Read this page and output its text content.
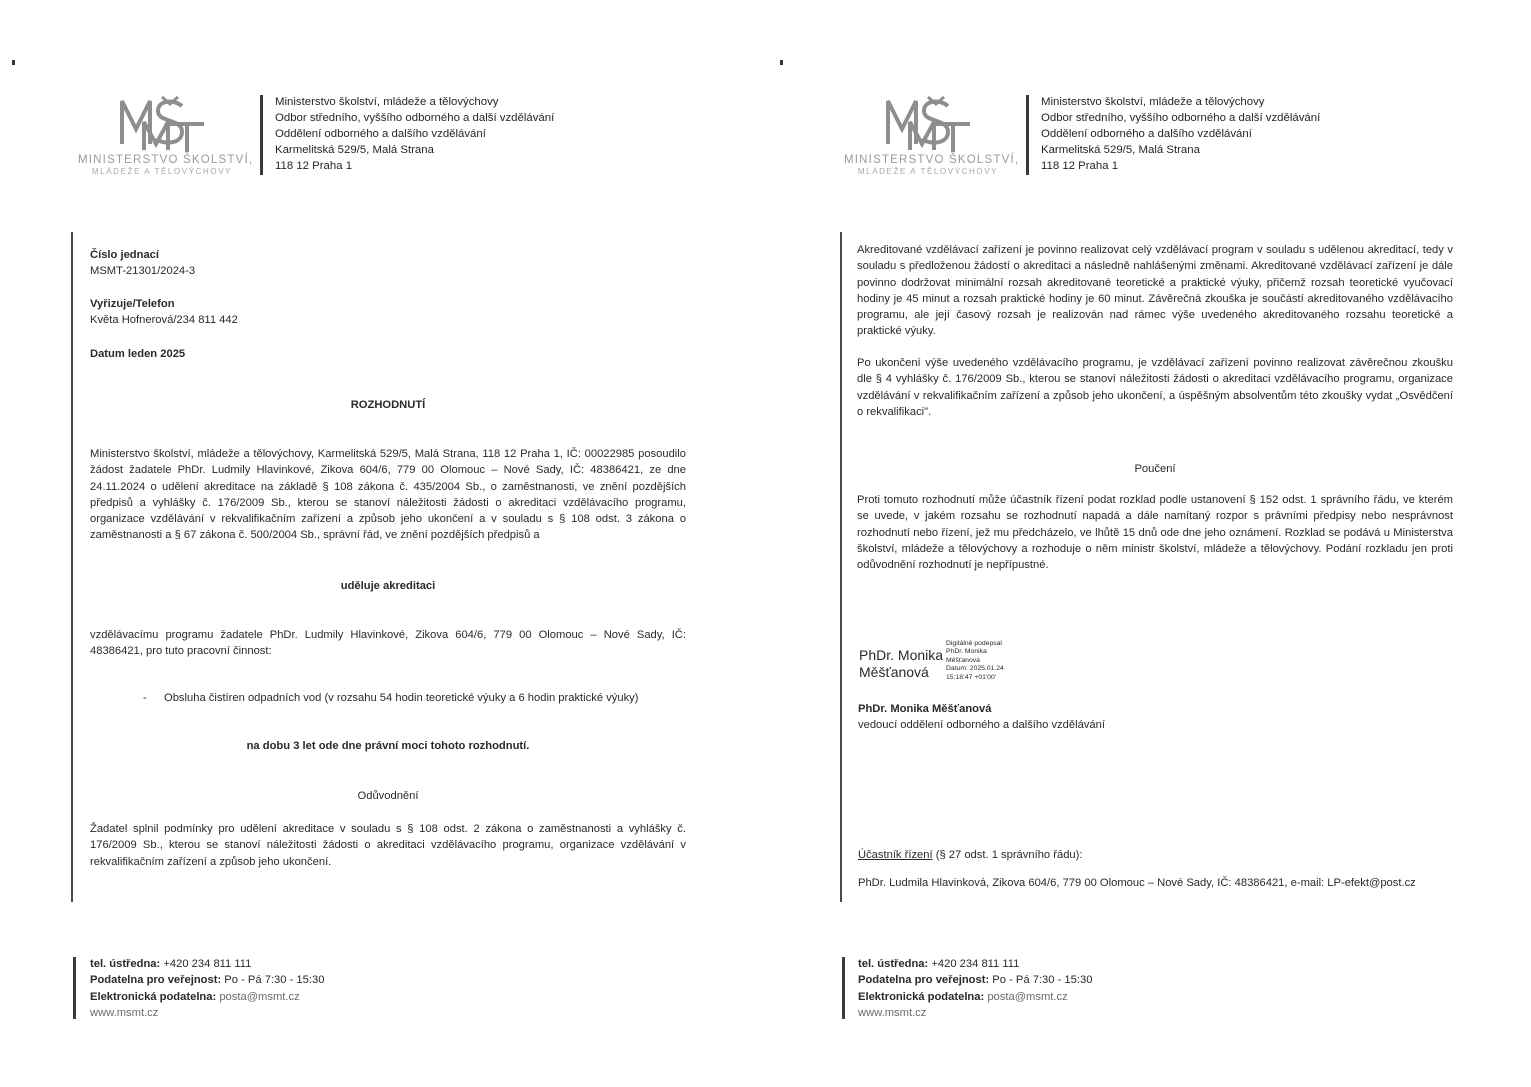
MINISTERSTVO ŠKOLSTVÍ,
MLÁDEŽE A TĚLOVÝCHOVY
Ministerstvo školství, mládeže a tělovýchovy
Odbor středního, vyššího odborného a další vzdělávání
Oddělení odborného a dalšího vzdělávání
Karmelitská 529/5, Malá Strana
118 12 Praha 1
Číslo jednací
MSMT-21301/2024-3
Vyřizuje/Telefon
Květa Hofnerová/234 811 442
Datum leden 2025
ROZHODNUTÍ
Ministerstvo školství, mládeže a tělovýchovy, Karmelitská 529/5, Malá Strana, 118 12 Praha 1, IČ: 00022985 posoudilo žádost žadatele PhDr. Ludmily Hlavinkové, Zikova 604/6, 779 00 Olomouc – Nové Sady, IČ: 48386421, ze dne 24.11.2024 o udělení akreditace na základě § 108 zákona č. 435/2004 Sb., o zaměstnanosti, ve znění pozdějších předpisů a vyhlášky č. 176/2009 Sb., kterou se stanoví náležitosti žádosti o akreditaci vzdělávacího programu, organizace vzdělávání v rekvalifikačním zařízení a způsob jeho ukončení a v souladu s § 108 odst. 3 zákona o zaměstnanosti a § 67 zákona č. 500/2004 Sb., správní řád, ve znění pozdějších předpisů a
uděluje akreditaci
vzdělávacímu programu žadatele PhDr. Ludmily Hlavinkové, Zikova 604/6, 779 00 Olomouc – Nové Sady, IČ: 48386421, pro tuto pracovní činnost:
-	Obsluha čistíren odpadních vod (v rozsahu 54 hodin teoretické výuky a 6 hodin praktické výuky)
na dobu 3 let ode dne právní moci tohoto rozhodnutí.
Odůvodnění
Žadatel splnil podmínky pro udělení akreditace v souladu s § 108 odst. 2 zákona o zaměstnanosti a vyhlášky č. 176/2009 Sb., kterou se stanoví náležitosti žádosti o akreditaci vzdělávacího programu, organizace vzdělávání v rekvalifikačním zařízení a způsob jeho ukončení.
tel. ústředna: +420 234 811 111
Podatelna pro veřejnost: Po - Pá 7:30 - 15:30
Elektronická podatelna: posta@msmt.cz
www.msmt.cz
MINISTERSTVO ŠKOLSTVÍ,
MLÁDEŽE A TĚLOVÝCHOVY
Ministerstvo školství, mládeže a tělovýchovy
Odbor středního, vyššího odborného a další vzdělávání
Oddělení odborného a dalšího vzdělávání
Karmelitská 529/5, Malá Strana
118 12 Praha 1
Akreditované vzdělávací zařízení je povinno realizovat celý vzdělávací program v souladu s udělenou akreditací, tedy v souladu s předloženou žádostí o akreditaci a následně nahlášenými změnami. Akreditované vzdělávací zařízení je dále povinno dodržovat minimální rozsah akreditované teoretické a praktické výuky, přičemž rozsah teoretické vyučovací hodiny je 45 minut a rozsah praktické hodiny je 60 minut. Závěrečná zkouška je součástí akreditovaného vzdělávacího programu, ale její časový rozsah je realizován nad rámec výše uvedeného akreditovaného rozsahu teoretické a praktické výuky.
Po ukončení výše uvedeného vzdělávacího programu, je vzdělávací zařízení povinno realizovat závěrečnou zkoušku dle § 4 vyhlášky č. 176/2009 Sb., kterou se stanoví náležitosti žádosti o akreditaci vzdělávacího programu, organizace vzdělávání v rekvalifikačním zařízení a způsob jeho ukončení, a úspěšným absolventům této zkoušky vydat „Osvědčení o rekvalifikaci".
Poučení
Proti tomuto rozhodnutí může účastník řízení podat rozklad podle ustanovení § 152 odst. 1 správního řádu, ve kterém se uvede, v jakém rozsahu se rozhodnutí napadá a dále namítaný rozpor s právními předpisy nebo nesprávnost rozhodnutí nebo řízení, jež mu předcházelo, ve lhůtě 15 dnů ode dne jeho oznámení. Rozklad se podává u Ministerstva školství, mládeže a tělovýchovy a rozhoduje o něm ministr školství, mládeže a tělovýchovy. Podání rozkladu jen proti odůvodnění rozhodnutí je nepřípustné.
PhDr. Monika
Měšťanová
Digitálně podepsal
PhDr. Monika
Měšťanová
Datum: 2025.01.24
15:18:47 +01'00'
PhDr. Monika Měšťanová
vedoucí oddělení odborného a dalšího vzdělávání
Účastník řízení (§ 27 odst. 1 správního řádu):
PhDr. Ludmila Hlavinková, Zikova 604/6, 779 00 Olomouc – Nové Sady, IČ: 48386421, e-mail: LP-efekt@post.cz
tel. ústředna: +420 234 811 111
Podatelna pro veřejnost: Po - Pá 7:30 - 15:30
Elektronická podatelna: posta@msmt.cz
www.msmt.cz
